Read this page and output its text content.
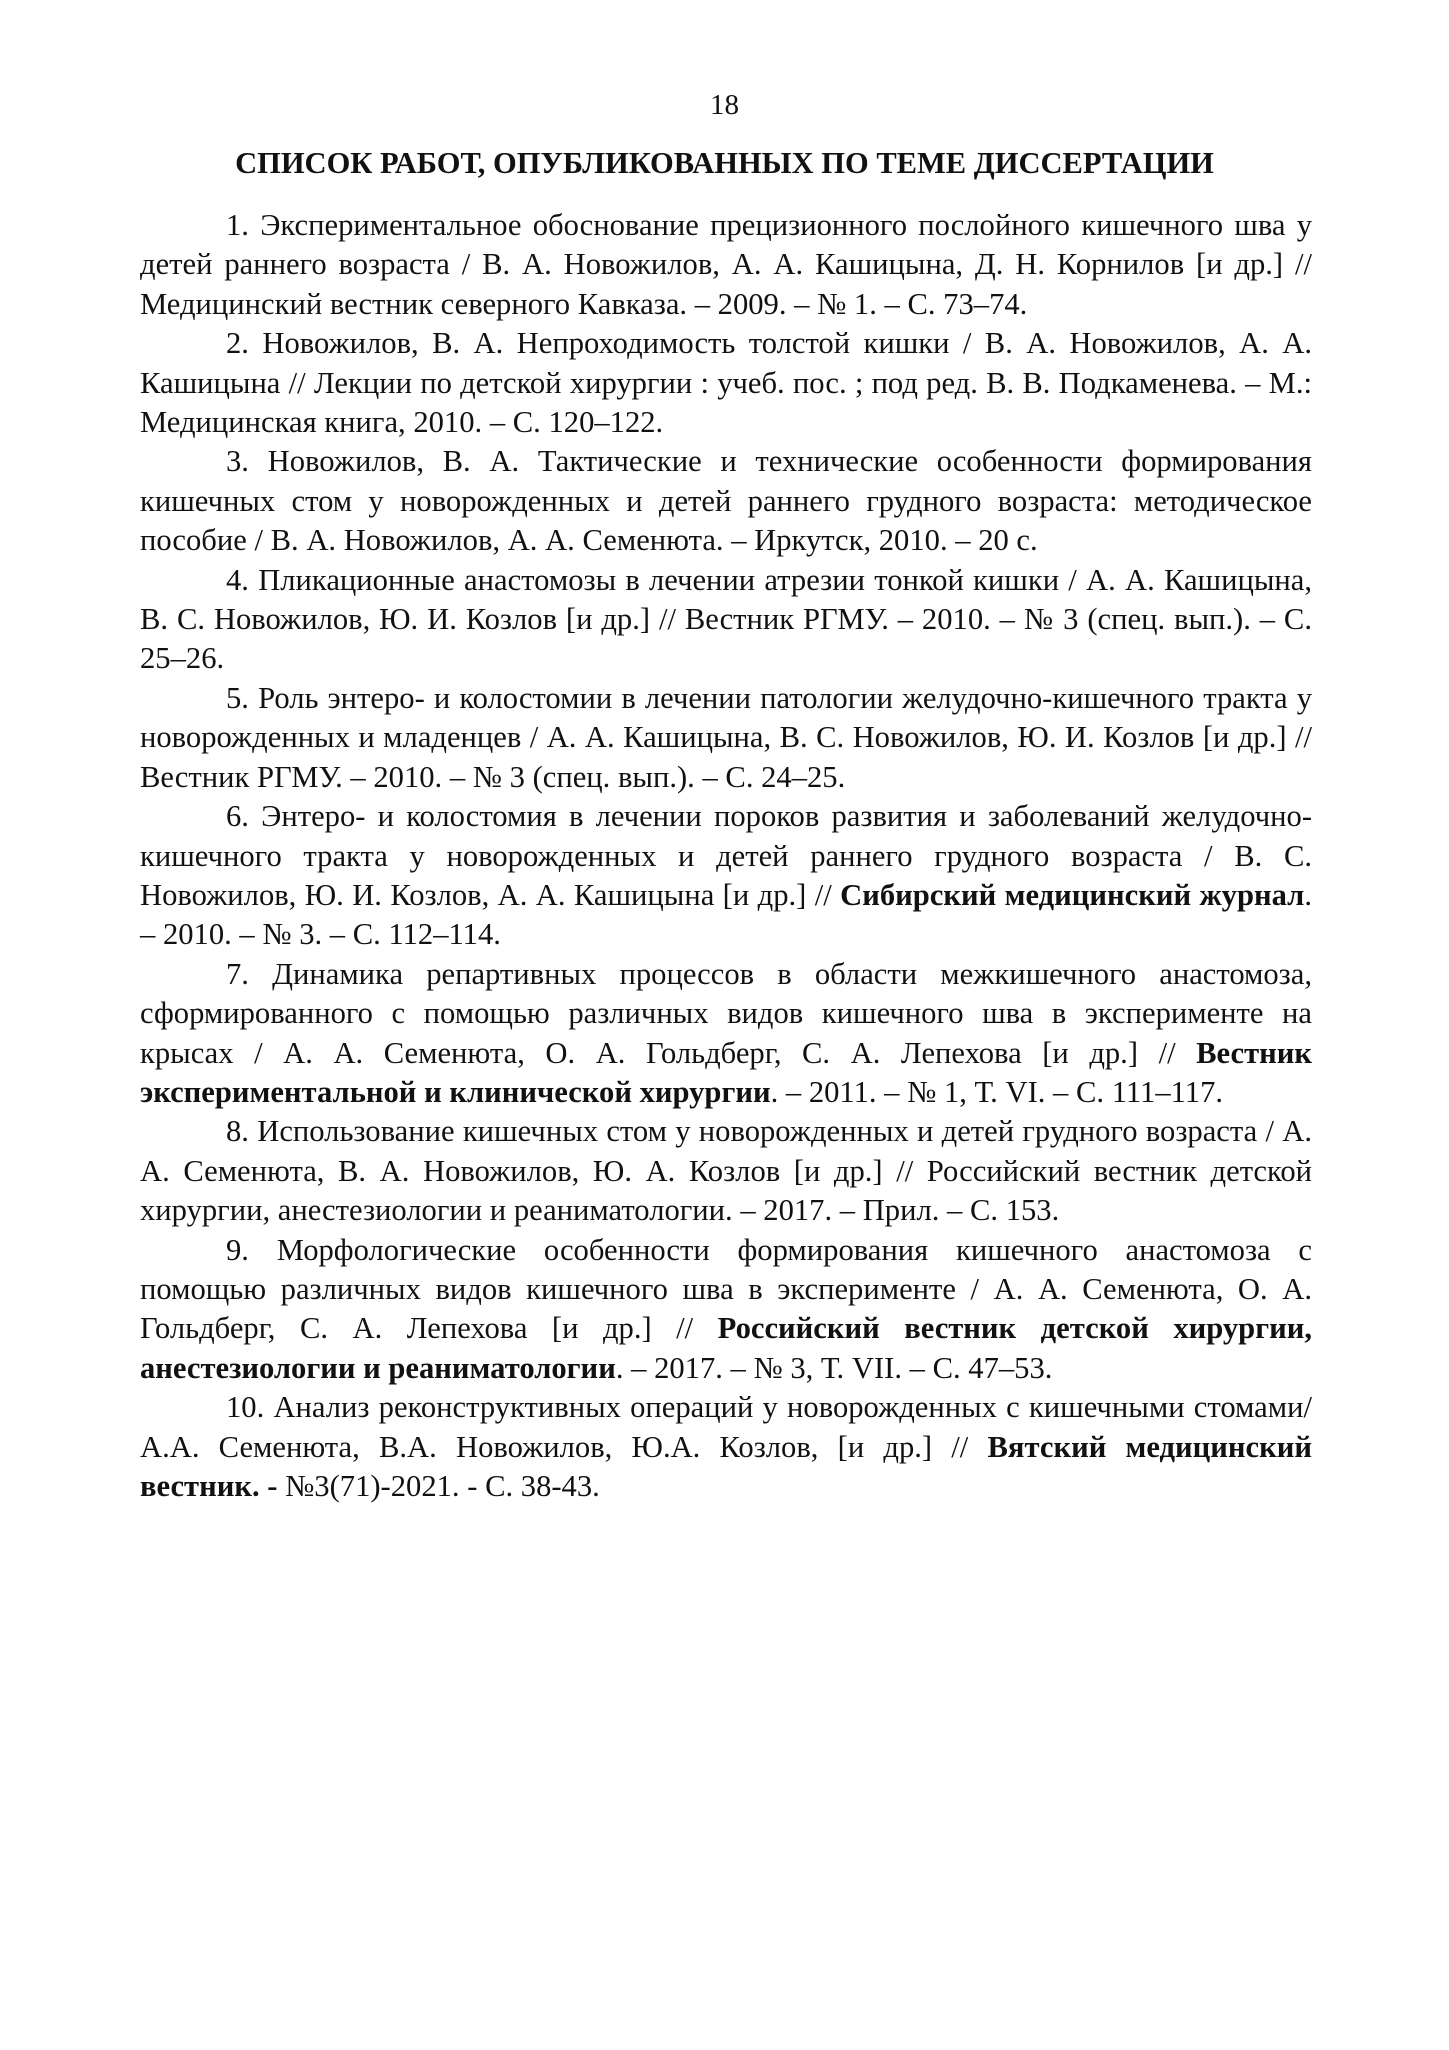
18
СПИСОК РАБОТ, ОПУБЛИКОВАННЫХ ПО ТЕМЕ ДИССЕРТАЦИИ

1. Экспериментальное обоснование прецизионного послойного кишечного шва у детей раннего возраста / В. А. Новожилов, А. А. Кашицына, Д. Н. Корнилов [и др.] // Медицинский вестник северного Кавказа. – 2009. – № 1. – С. 73–74.

2. Новожилов, В. А. Непроходимость толстой кишки / В. А. Новожилов, А. А. Кашицына // Лекции по детской хирургии : учеб. пос. ; под ред. В. В. Подкаменева. – М.: Медицинская книга, 2010. – С. 120–122.

3. Новожилов, В. А. Тактические и технические особенности формирования кишечных стом у новорожденных и детей раннего грудного возраста: методическое пособие / В. А. Новожилов, А. А. Семенюта. – Иркутск, 2010. – 20 с.

4. Пликационные анастомозы в лечении атрезии тонкой кишки / А. А. Кашицына, В. С. Новожилов, Ю. И. Козлов [и др.] // Вестник РГМУ. – 2010. – № 3 (спец. вып.). – С. 25–26.

5. Роль энтеро- и колостомии в лечении патологии желудочно-кишечного тракта у новорожденных и младенцев / А. А. Кашицына, В. С. Новожилов, Ю. И. Козлов [и др.] // Вестник РГМУ. – 2010. – № 3 (спец. вып.). – С. 24–25.

6. Энтеро- и колостомия в лечении пороков развития и заболеваний желудочно-кишечного тракта у новорожденных и детей раннего грудного возраста / В. С. Новожилов, Ю. И. Козлов, А. А. Кашицына [и др.] // Сибирский медицинский журнал. – 2010. – № 3. – С. 112–114.

7. Динамика репартивных процессов в области межкишечного анастомоза, сформированного с помощью различных видов кишечного шва в эксперименте на крысах / А. А. Семенюта, О. А. Гольдберг, С. А. Лепехова [и др.] // Вестник экспериментальной и клинической хирургии. – 2011. – № 1, Т. VI. – С. 111–117.

8. Использование кишечных стом у новорожденных и детей грудного возраста / А. А. Семенюта, В. А. Новожилов, Ю. А. Козлов [и др.] // Российский вестник детской хирургии, анестезиологии и реаниматологии. – 2017. – Прил. – С. 153.

9. Морфологические особенности формирования кишечного анастомоза с помощью различных видов кишечного шва в эксперименте / А. А. Семенюта, О. А. Гольдберг, С. А. Лепехова [и др.] // Российский вестник детской хирургии, анестезиологии и реаниматологии. – 2017. – № 3, Т. VII. – С. 47–53.

10. Анализ реконструктивных операций у новорожденных с кишечными стомами/ А.А. Семенюта, В.А. Новожилов, Ю.А. Козлов, [и др.] // Вятский медицинский вестник. - №3(71)-2021. - С. 38-43.
